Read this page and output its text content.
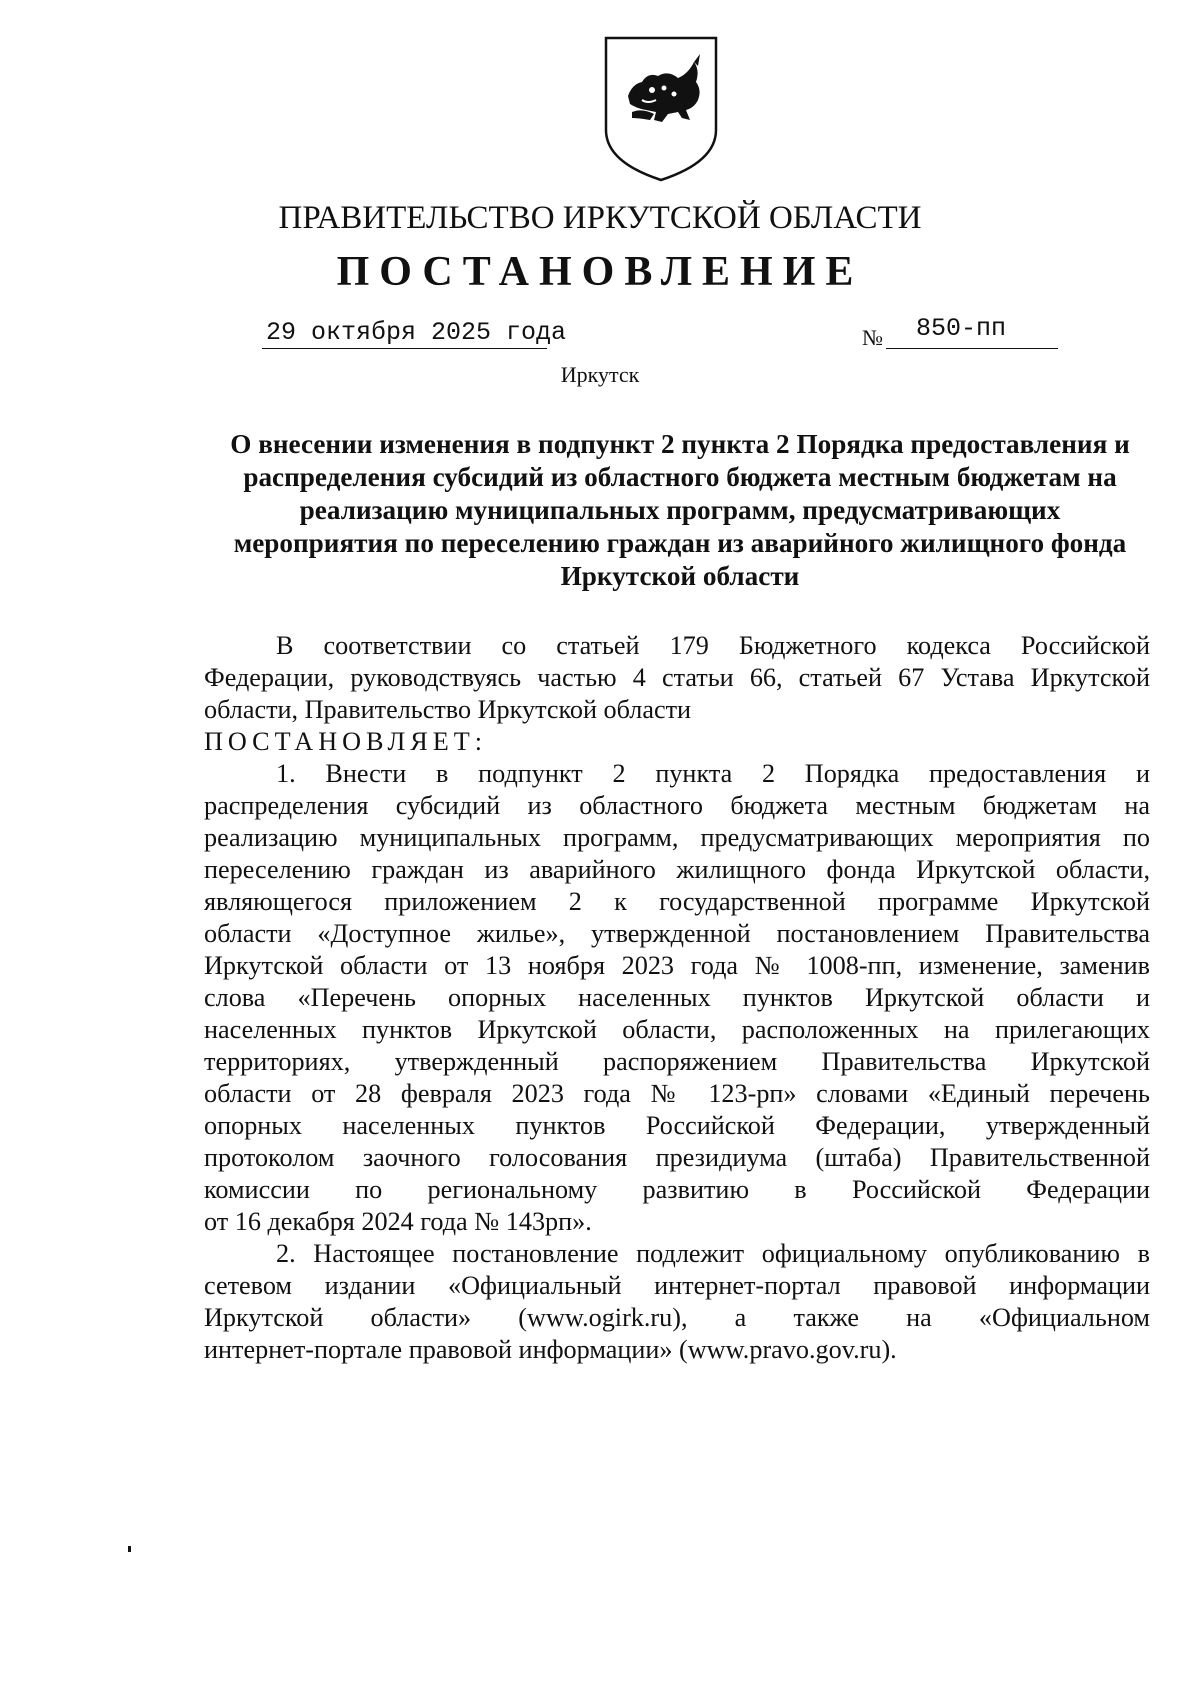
ПРАВИТЕЛЬСТВО ИРКУТСКОЙ ОБЛАСТИ

ПОСТАНОВЛЕНИЕ

29 октября 2025 года	№ 850-пп

Иркутск

О внесении изменения в подпункт 2 пункта 2 Порядка предоставления и
распределения субсидий из областного бюджета местным бюджетам на
реализацию муниципальных программ, предусматривающих
мероприятия по переселению граждан из аварийного жилищного фонда
Иркутской области
В соответствии со статьей 179 Бюджетного кодекса Российской
Федерации, руководствуясь частью 4 статьи 66, статьей 67 Устава Иркутской
области, Правительство Иркутской области
ПОСТАНОВЛЯЕТ:
1. Внести в подпункт 2 пункта 2 Порядка предоставления и
распределения субсидий из областного бюджета местным бюджетам на
реализацию муниципальных программ, предусматривающих мероприятия по
переселению граждан из аварийного жилищного фонда Иркутской области,
являющегося приложением 2 к государственной программе Иркутской
области «Доступное жилье», утвержденной постановлением Правительства
Иркутской области от 13 ноября 2023 года № 1008-пп, изменение, заменив
слова «Перечень опорных населенных пунктов Иркутской области и
населенных пунктов Иркутской области, расположенных на прилегающих
территориях, утвержденный распоряжением Правительства Иркутской
области от 28 февраля 2023 года № 123-рп» словами «Единый перечень
опорных населенных пунктов Российской Федерации, утвержденный
протоколом заочного голосования президиума (штаба) Правительственной
комиссии по региональному развитию в Российской Федерации
от 16 декабря 2024 года № 143рп».
2. Настоящее постановление подлежит официальному опубликованию в
сетевом издании «Официальный интернет-портал правовой информации
Иркутской области» (www.ogirk.ru), а также на «Официальном
интернет-портале правовой информации» (www.pravo.gov.ru).
